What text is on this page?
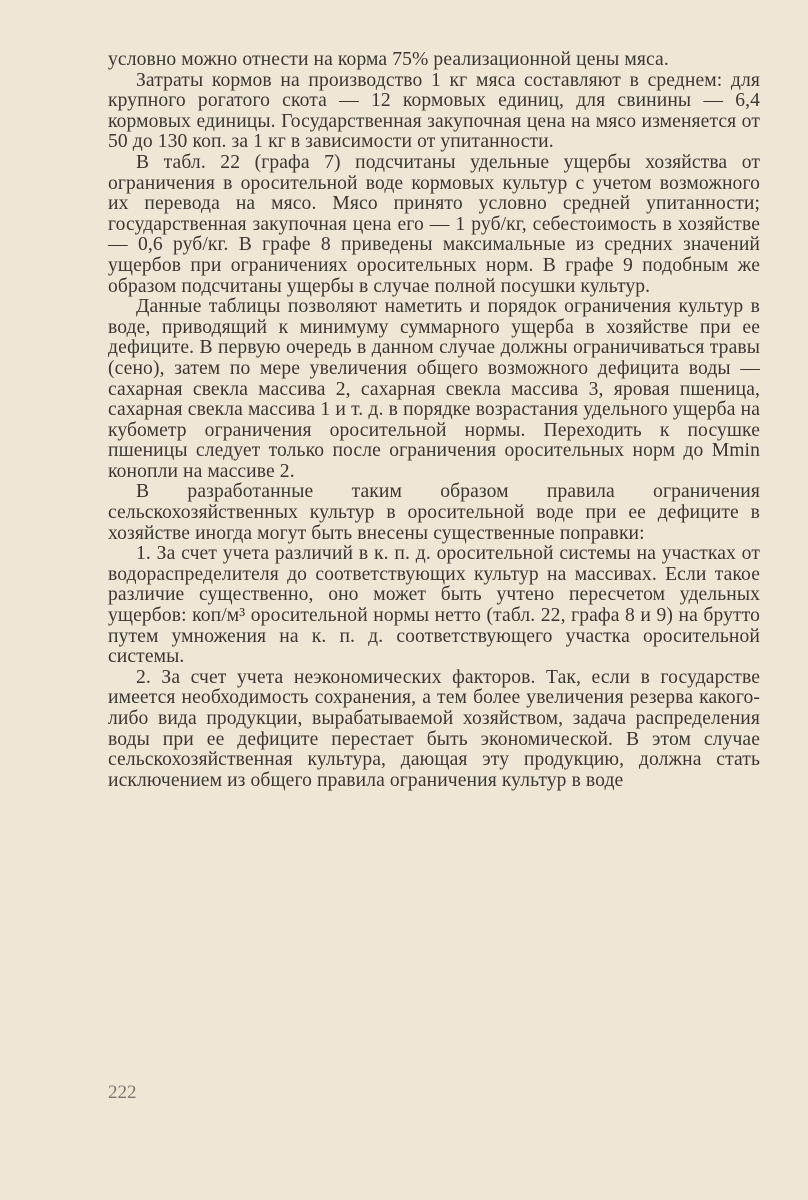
условно можно отнести на корма 75% реализационной цены мяса.

Затраты кормов на производство 1 кг мяса составляют в среднем: для крупного рогатого скота — 12 кормовых единиц, для свинины — 6,4 кормовых единицы. Государственная закупочная цена на мясо изменяется от 50 до 130 коп. за 1 кг в зависимости от упитанности.

В табл. 22 (графа 7) подсчитаны удельные ущербы хозяйства от ограничения в оросительной воде кормовых культур с учетом возможного их перевода на мясо. Мясо принято условно средней упитанности; государственная закупочная цена его — 1 руб/кг, себестоимость в хозяйстве — 0,6 руб/кг. В графе 8 приведены максимальные из средних значений ущербов при ограничениях оросительных норм. В графе 9 подобным же образом подсчитаны ущербы в случае полной посушки культур.

Данные таблицы позволяют наметить и порядок ограничения культур в воде, приводящий к минимуму суммарного ущерба в хозяйстве при ее дефиците. В первую очередь в данном случае должны ограничиваться травы (сено), затем по мере увеличения общего возможного дефицита воды — сахарная свекла массива 2, сахарная свекла массива 3, яровая пшеница, сахарная свекла массива 1 и т. д. в порядке возрастания удельного ущерба на кубометр ограничения оросительной нормы. Переходить к посушке пшеницы следует только после ограничения оросительных норм до Mmin конопли на массиве 2.

В разработанные таким образом правила ограничения сельскохозяйственных культур в оросительной воде при ее дефиците в хозяйстве иногда могут быть внесены существенные поправки:

1. За счет учета различий в к. п. д. оросительной системы на участках от водораспределителя до соответствующих культур на массивах. Если такое различие существенно, оно может быть учтено пересчетом удельных ущербов: коп/м³ оросительной нормы нетто (табл. 22, графа 8 и 9) на брутто путем умножения на к. п. д. соответствующего участка оросительной системы.

2. За счет учета неэкономических факторов. Так, если в государстве имеется необходимость сохранения, а тем более увеличения резерва какого-либо вида продукции, вырабатываемой хозяйством, задача распределения воды при ее дефиците перестает быть экономической. В этом случае сельскохозяйственная культура, дающая эту продукцию, должна стать исключением из общего правила ограничения культур в воде

222
